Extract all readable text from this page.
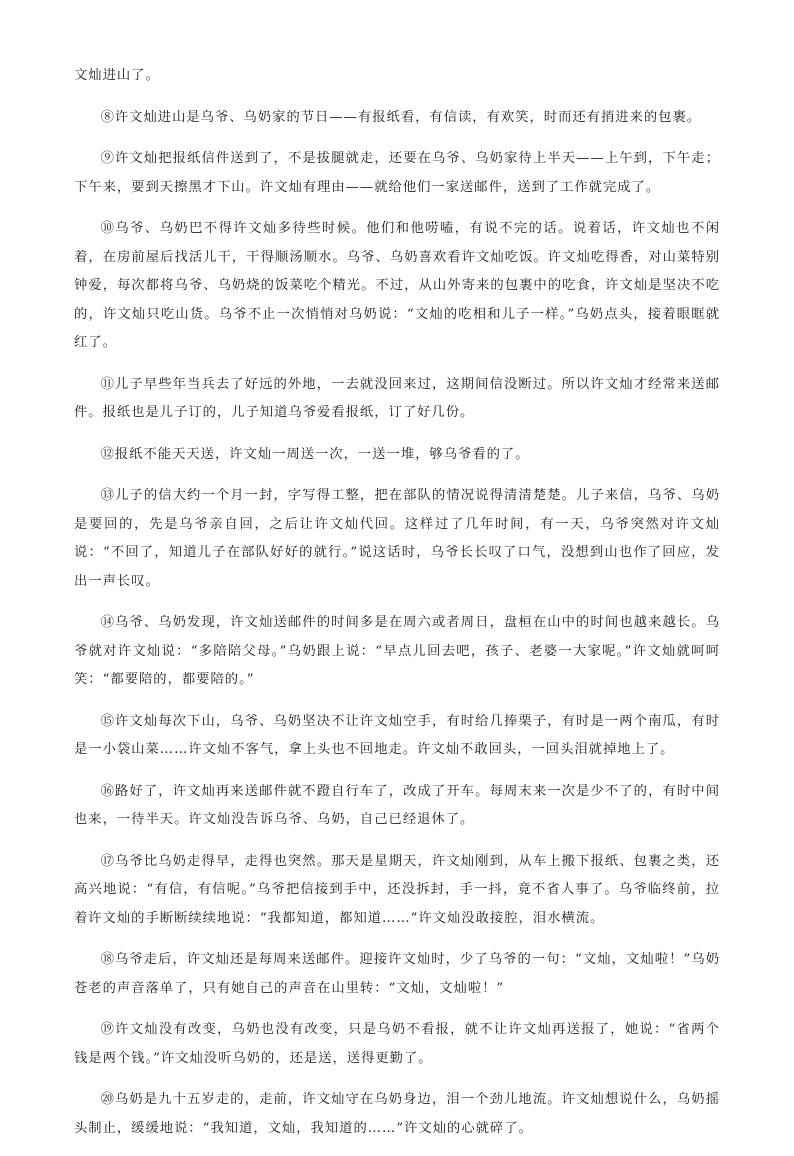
文灿进山了。

⑧许文灿进山是乌爷、乌奶家的节日——有报纸看，有信读，有欢笑，时而还有捎进来的包裹。

⑨许文灿把报纸信件送到了，不是拔腿就走，还要在乌爷、乌奶家待上半天——上午到，下午走；下午来，要到天擦黑才下山。许文灿有理由——就给他们一家送邮件，送到了工作就完成了。

⑩乌爷、乌奶巴不得许文灿多待些时候。他们和他唠嗑，有说不完的话。说着话，许文灿也不闲着，在房前屋后找活儿干，干得顺汤顺水。乌爷、乌奶喜欢看许文灿吃饭。许文灿吃得香，对山菜特别钟爱，每次都将乌爷、乌奶烧的饭菜吃个精光。不过，从山外寄来的包裹中的吃食，许文灿是坚决不吃的，许文灿只吃山货。乌爷不止一次悄悄对乌奶说：“文灿的吃相和儿子一样。”乌奶点头，接着眼眶就红了。

⑪儿子早些年当兵去了好远的外地，一去就没回来过，这期间信没断过。所以许文灿才经常来送邮件。报纸也是儿子订的，儿子知道乌爷爱看报纸，订了好几份。

⑫报纸不能天天送，许文灿一周送一次，一送一堆，够乌爷看的了。

⑬儿子的信大约一个月一封，字写得工整，把在部队的情况说得清清楚楚。儿子来信，乌爷、乌奶是要回的，先是乌爷亲自回，之后让许文灿代回。这样过了几年时间，有一天，乌爷突然对许文灿说：“不回了，知道儿子在部队好好的就行。”说这话时，乌爷长长叹了口气，没想到山也作了回应，发出一声长叹。

⑭乌爷、乌奶发现，许文灿送邮件的时间多是在周六或者周日，盘桓在山中的时间也越来越长。乌爷就对许文灿说：“多陪陪父母。”乌奶跟上说：“早点儿回去吧，孩子、老婆一大家呢。”许文灿就呵呵笑：“都要陪的，都要陪的。”

⑮许文灿每次下山，乌爷、乌奶坚决不让许文灿空手，有时给几捧栗子，有时是一两个南瓜，有时是一小袋山菜……许文灿不客气，拿上头也不回地走。许文灿不敢回头，一回头泪就掉地上了。

⑯路好了，许文灿再来送邮件就不蹬自行车了，改成了开车。每周末来一次是少不了的，有时中间也来，一待半天。许文灿没告诉乌爷、乌奶，自己已经退休了。

⑰乌爷比乌奶走得早，走得也突然。那天是星期天，许文灿刚到，从车上搬下报纸、包裹之类，还高兴地说：“有信，有信呢。”乌爷把信接到手中，还没拆封，手一抖，竟不省人事了。乌爷临终前，拉着许文灿的手断断续续地说：“我都知道，都知道……”许文灿没敢接腔，泪水横流。

⑱乌爷走后，许文灿还是每周来送邮件。迎接许文灿时，少了乌爷的一句：“文灿，文灿啦！”乌奶苍老的声音落单了，只有她自己的声音在山里转：“文灿，文灿啦！”

⑲许文灿没有改变，乌奶也没有改变，只是乌奶不看报，就不让许文灿再送报了，她说：“省两个钱是两个钱。”许文灿没听乌奶的，还是送，送得更勤了。

⑳乌奶是九十五岁走的，走前，许文灿守在乌奶身边，泪一个劲儿地流。许文灿想说什么，乌奶摇头制止，缓缓地说：“我知道，文灿，我知道的……”许文灿的心就碎了。
